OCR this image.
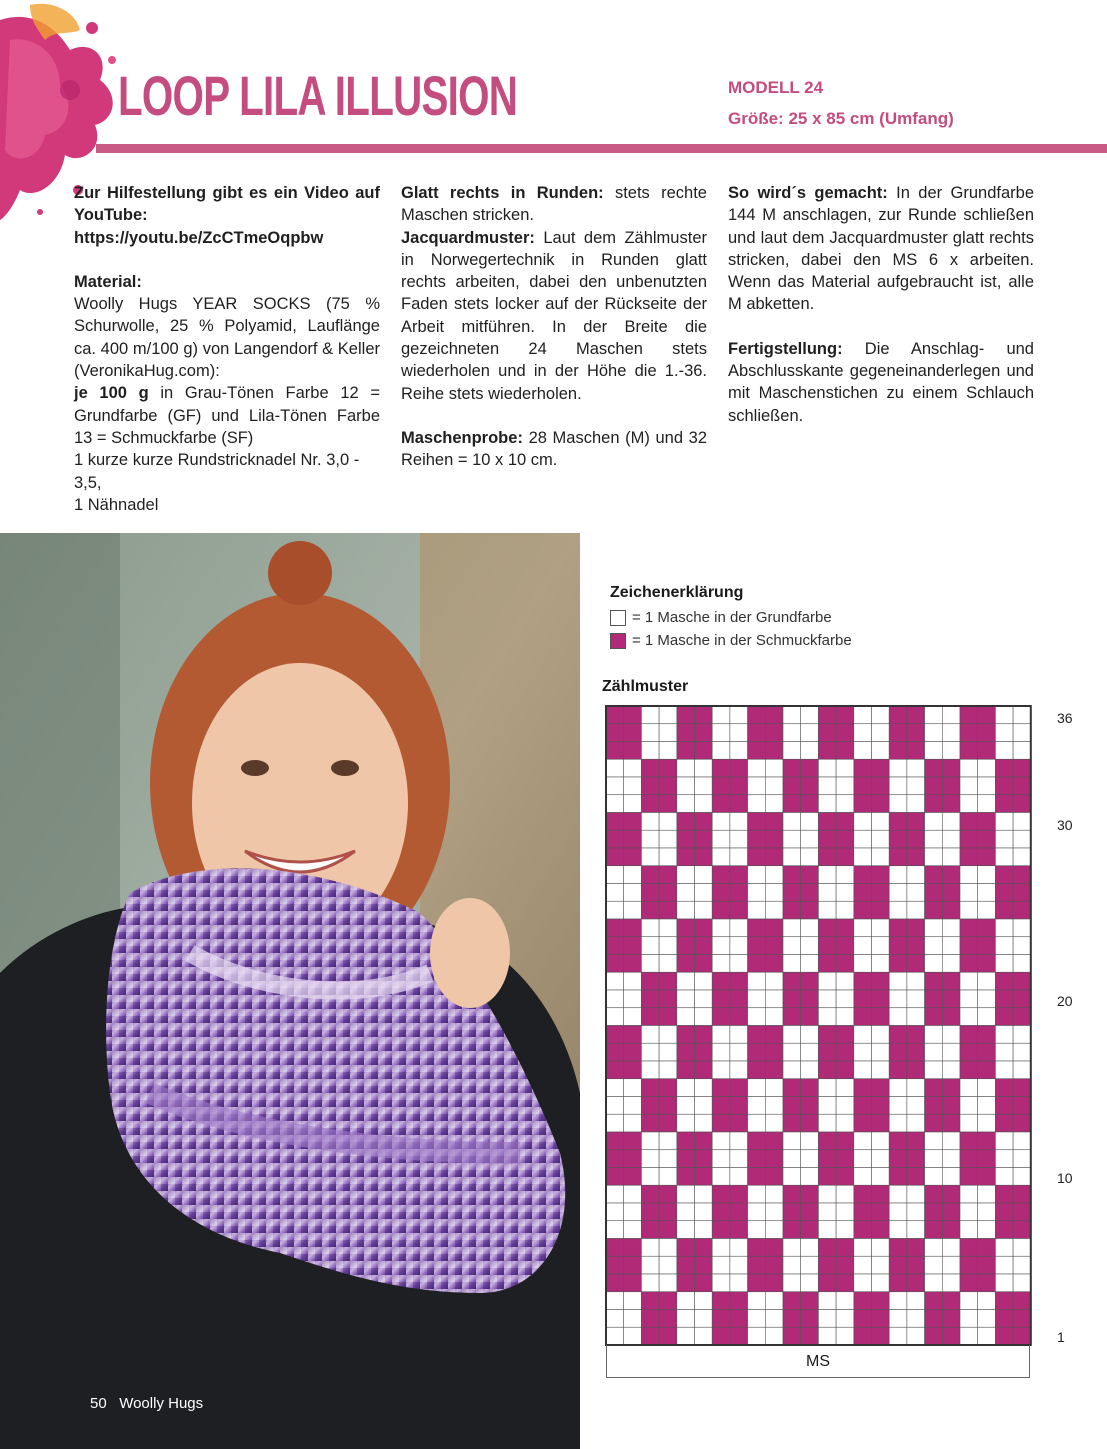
LOOP LILA ILLUSION	MODELL 24
Größe: 25 x 85 cm (Umfang)

Zur Hilfestellung gibt es ein Video auf YouTube:

https://youtu.be/ZcCTmeOqpbw

Material:

Woolly Hugs YEAR SOCKS (75 % Schurwolle, 25 % Polyamid, Lauflänge ca. 400 m/100 g) von Langendorf & Keller (VeronikaHug.com):

je 100 g in Grau-Tönen Farbe 12 = Grundfarbe (GF) und Lila-Tönen Farbe 13 = Schmuckfarbe (SF)

1 kurze kurze Rundstricknadel Nr. 3,0 - 3,5,

1 Nähnadel

Glatt rechts in Runden: stets rechte Maschen stricken.

Jacquardmuster: Laut dem Zählmuster in Norwegertechnik in Runden glatt rechts arbeiten, dabei den unbenutzten Faden stets locker auf der Rückseite der Arbeit mitführen. In der Breite die gezeichneten 24 Maschen stets wiederholen und in der Höhe die 1.-36. Reihe stets wiederholen.

Maschenprobe: 28 Maschen (M) und 32 Reihen = 10 x 10 cm.

So wird´s gemacht: In der Grundfarbe 144 M anschlagen, zur Runde schließen und laut dem Jacquardmuster glatt rechts stricken, dabei den MS 6 x arbeiten. Wenn das Material aufgebraucht ist, alle M abketten.

Fertigstellung: Die Anschlag- und Abschlusskante gegeneinanderlegen und mit Maschenstichen zu einem Schlauch schließen.

Zeichenerklärung
= 1 Masche in der Grundfarbe
= 1 Masche in der Schmuckfarbe
Zählmuster
36
30
20
10
1
MS
50 Woolly Hugs
